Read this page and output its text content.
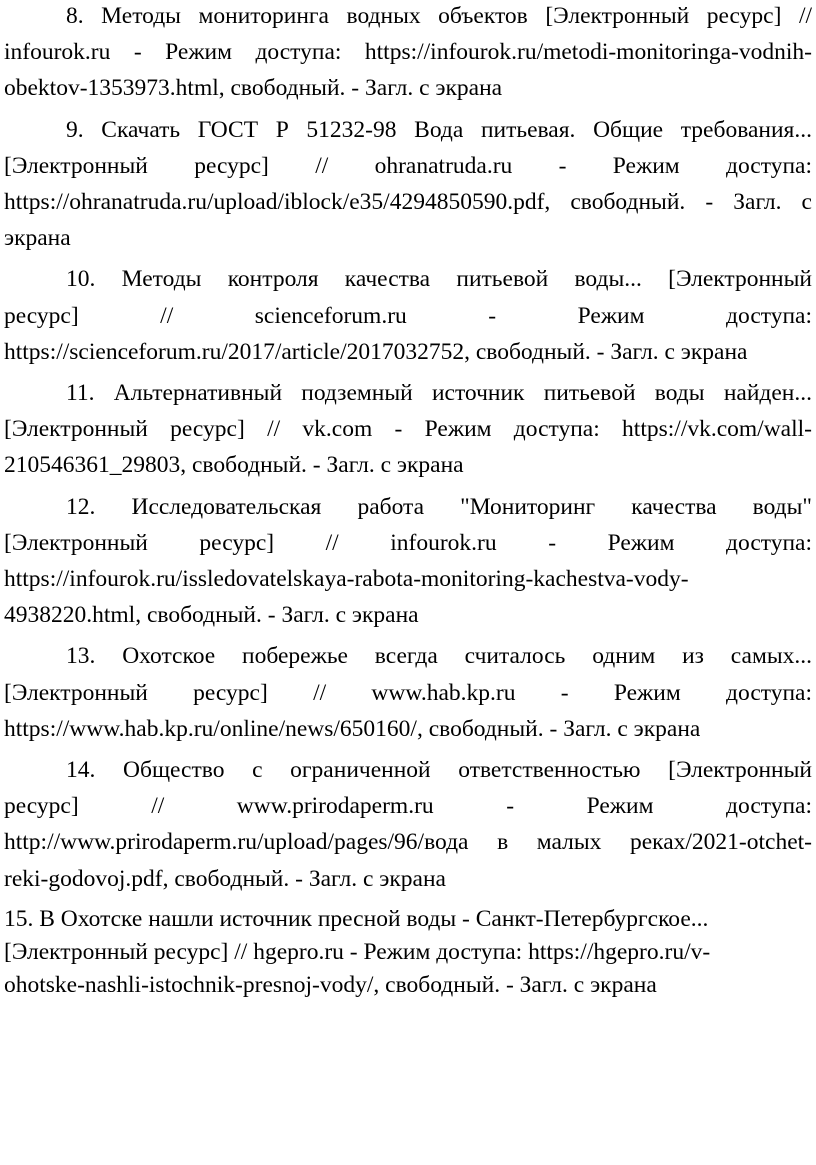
8. Методы мониторинга водных объектов [Электронный ресурс] //
infourok.ru - Режим доступа: https://infourok.ru/metodi-monitoringa-vodnih-
obektov-1353973.html, свободный. - Загл. с экрана

9. Скачать ГОСТ Р 51232-98 Вода питьевая. Общие требования...
[Электронный ресурс] // ohranatruda.ru - Режим доступа:
https://ohranatruda.ru/upload/iblock/e35/4294850590.pdf, свободный. - Загл. с
экрана

10. Методы контроля качества питьевой воды... [Электронный
ресурс] // scienceforum.ru - Режим доступа:
https://scienceforum.ru/2017/article/2017032752, свободный. - Загл. с экрана

11. Альтернативный подземный источник питьевой воды найден...
[Электронный ресурс] // vk.com - Режим доступа: https://vk.com/wall-
210546361_29803, свободный. - Загл. с экрана

12. Исследовательская работа "Мониторинг качества воды"
[Электронный ресурс] // infourok.ru - Режим доступа:
https://infourok.ru/issledovatelskaya-rabota-monitoring-kachestva-vody-
4938220.html, свободный. - Загл. с экрана

13. Охотское побережье всегда считалось одним из самых...
[Электронный ресурс] // www.hab.kp.ru - Режим доступа:
https://www.hab.kp.ru/online/news/650160/, свободный. - Загл. с экрана

14. Общество с ограниченной ответственностью [Электронный
ресурс] // www.prirodaperm.ru - Режим доступа:
http://www.prirodaperm.ru/upload/pages/96/вода в малых реках/2021-otchet-
reki-godovoj.pdf, свободный. - Загл. с экрана

15. В Охотске нашли источник пресной воды - Санкт-Петербургское...
[Электронный ресурс] // hgepro.ru - Режим доступа: https://hgepro.ru/v-
ohotske-nashli-istochnik-presnoj-vody/, свободный. - Загл. с экрана
